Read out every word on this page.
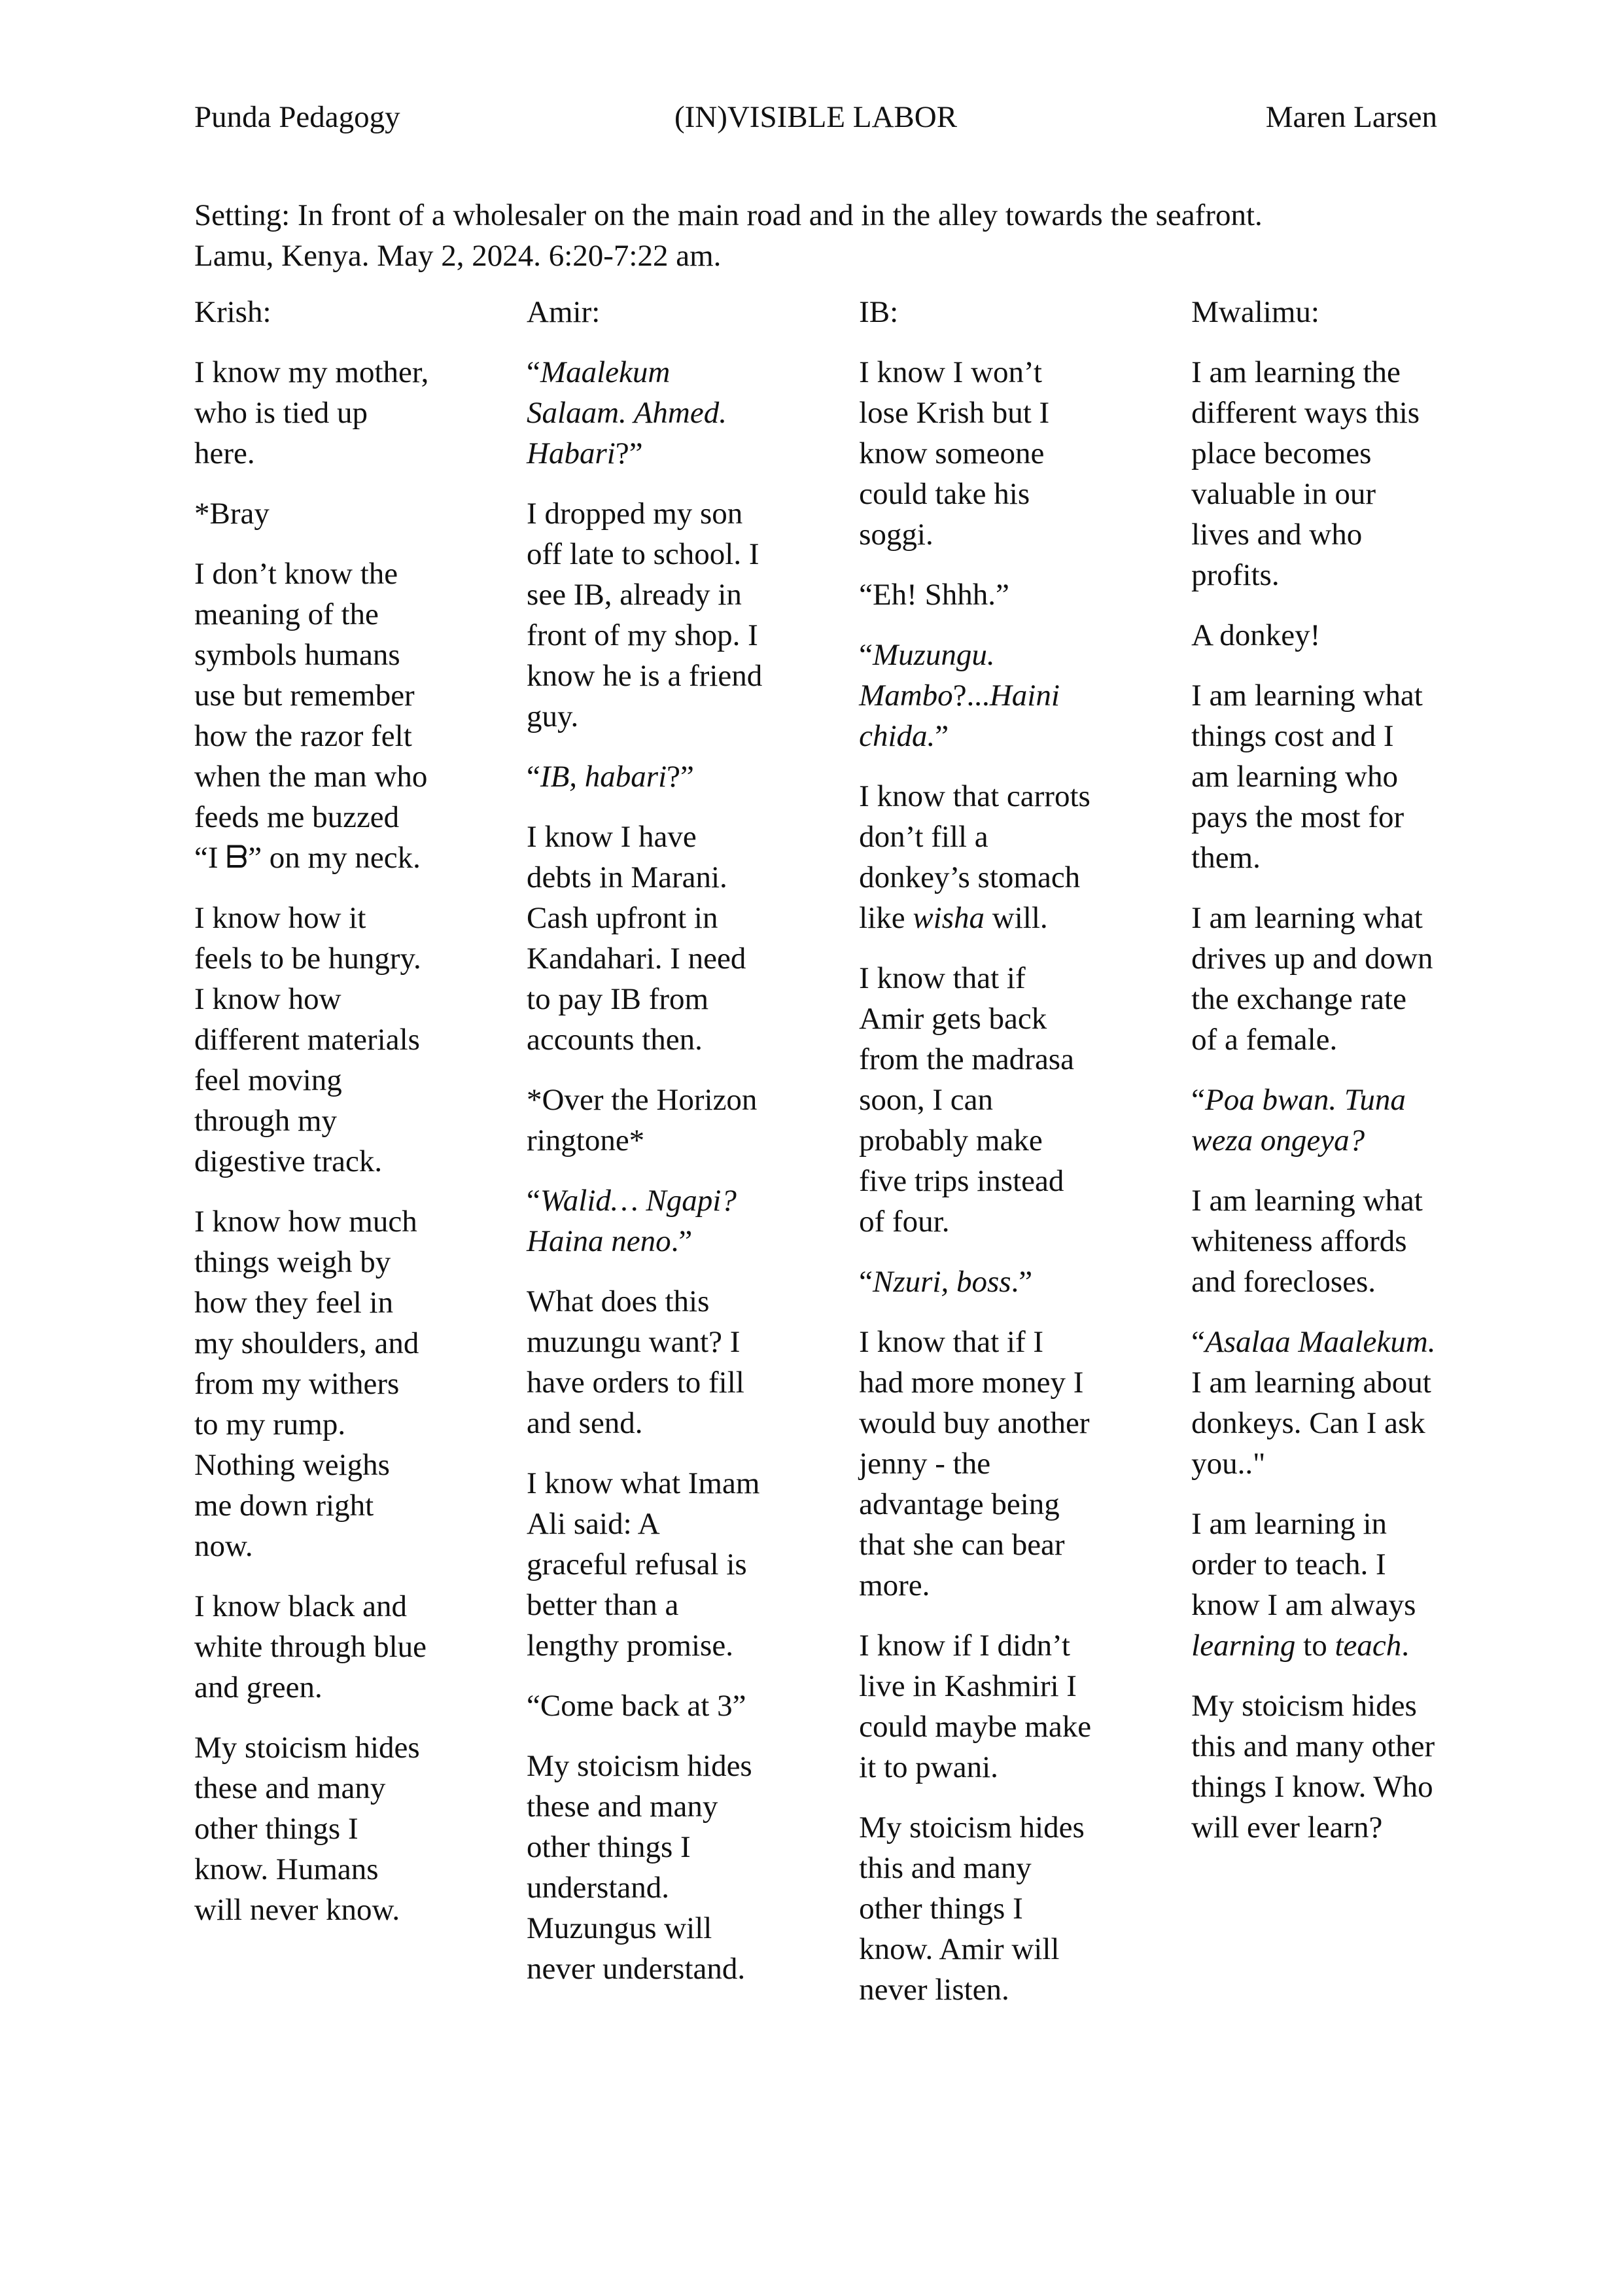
Punda Pedagogy	(IN)VISIBLE LABOR	Maren Larsen
Setting: In front of a wholesaler on the main road and in the alley towards the seafront.
Lamu, Kenya. May 2, 2024. 6:20-7:22 am.
Krish:

I know my mother, who is tied up here.

*Bray

I don’t know the meaning of the symbols humans use but remember how the razor felt when the man who feeds me buzzed “I ᗷ” on my neck.

I know how it feels to be hungry. I know how different materials feel moving through my digestive track.

I know how much things weigh by how they feel in my shoulders, and from my withers to my rump. Nothing weighs me down right now.

I know black and white through blue and green.

My stoicism hides these and many other things I know. Humans will never know.

Amir:

“Maalekum Salaam. Ahmed. Habari?”

I dropped my son off late to school. I see IB, already in front of my shop. I know he is a friend guy.

“IB, habari?”

I know I have debts in Marani. Cash upfront in Kandahari. I need to pay IB from accounts then.

*Over the Horizon ringtone*

“Walid… Ngapi? Haina neno.”

What does this muzungu want? I have orders to fill and send.

I know what Imam Ali said: A graceful refusal is better than a lengthy promise.

“Come back at 3”

My stoicism hides these and many other things I understand. Muzungus will never understand.

IB:

I know I won’t lose Krish but I know someone could take his soggi.

“Eh! Shhh.”

“Muzungu. Mambo?...Haini chida.”

I know that carrots don’t fill a donkey’s stomach like wisha will.

I know that if Amir gets back from the madrasa soon, I can probably make five trips instead of four.

“Nzuri, boss.”

I know that if I had more money I would buy another jenny - the advantage being that she can bear more.

I know if I didn’t live in Kashmiri I could maybe make it to pwani.

My stoicism hides this and many other things I know. Amir will never listen.

Mwalimu:

I am learning the different ways this place becomes valuable in our lives and who profits.

A donkey!

I am learning what things cost and I am learning who pays the most for them.

I am learning what drives up and down the exchange rate of a female.

“Poa bwan. Tuna weza ongeya?

I am learning what whiteness affords and forecloses.

“Asalaa Maalekum. I am learning about donkeys. Can I ask you.."

I am learning in order to teach. I know I am always learning to teach.

My stoicism hides this and many other things I know. Who will ever learn?
